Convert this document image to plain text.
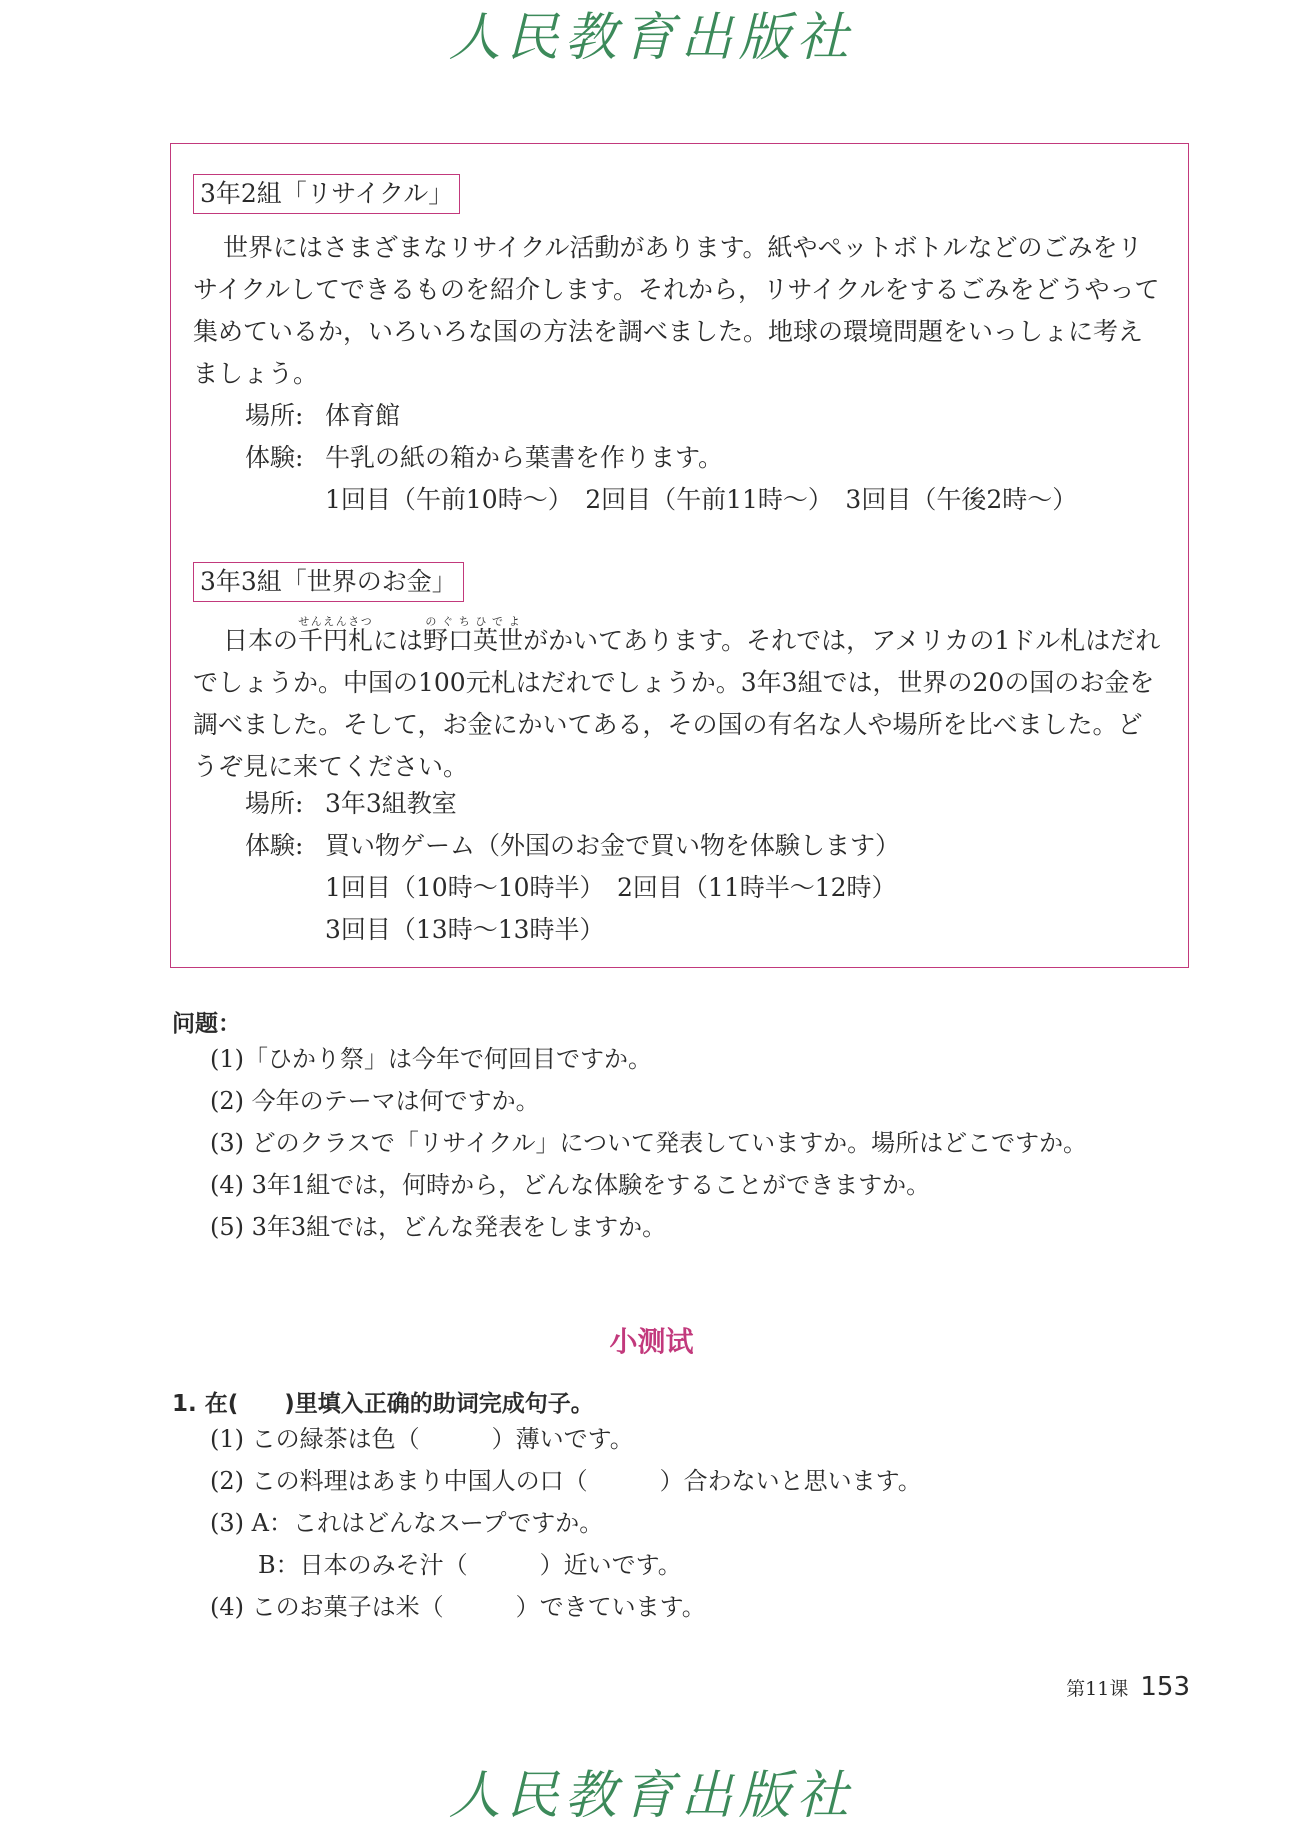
人民教育出版社
3年2組「リサイクル」
世界にはさまざまなリサイクル活動があります。紙やペットボトルなどのごみをリサイクルしてできるものを紹介します。それから，リサイクルをするごみをどうやって集めているか，いろいろな国の方法を調べました。地球の環境問題をいっしょに考えましょう。
場所: 体育館
体験: 牛乳の紙の箱から葉書を作ります。
1回目（午前10時～）　2回目（午前11時～）　3回目（午後2時～）
3年3組「世界のお金」
日本の千円札せんえんさつには野口英世のぐちひでよがかいてあります。それでは，アメリカの1ドル札はだれでしょうか。中国の100元札はだれでしょうか。3年3組では，世界の20の国のお金を調べました。そして，お金にかいてある，その国の有名な人や場所を比べました。どうぞ見に来てください。
場所: 3年3組教室
体験: 買い物ゲーム（外国のお金で買い物を体験します）
1回目（10時～10時半）　2回目（11時半～12時）
3回目（13時～13時半）
问题：
(1)「ひかり祭」は今年で何回目ですか。
(2) 今年のテーマは何ですか。
(3) どのクラスで「リサイクル」について発表していますか。場所はどこですか。
(4) 3年1組では，何時から，どんな体験をすることができますか。
(5) 3年3組では，どんな発表をしますか。
小测试
1. 在(　　)里填入正确的助词完成句子。
(1) この緑茶は色（　　　）薄いです。
(2) この料理はあまり中国人の口（　　　）合わないと思います。
(3) A：これはどんなスープですか。
　　B：日本のみそ汁（　　　）近いです。
(4) このお菓子は米（　　　）できています。
第11课 153
人民教育出版社
